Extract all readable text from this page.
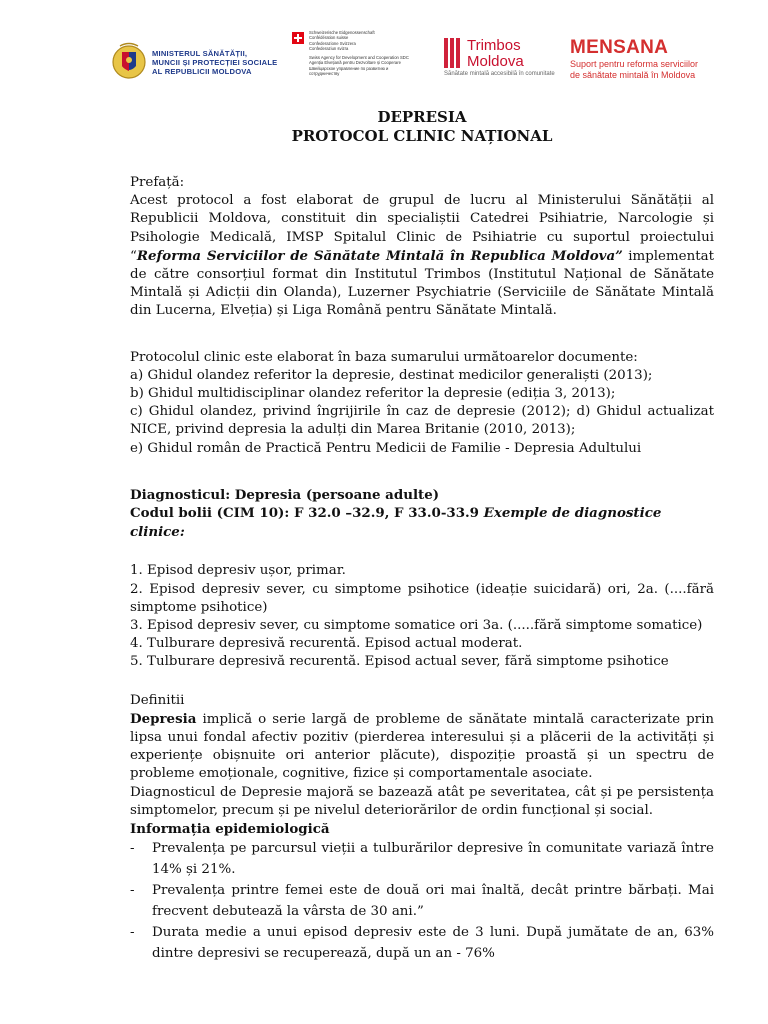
MINISTERUL SĂNĂTĂȚII,
MUNCII ȘI PROTECȚIEI SOCIALE
AL REPUBLICII MOLDOVA
Schweizerische Eidgenossenschaft
Confédération suisse
Confederazione Svizzera
Confederaziun svizra
Swiss Agency for Development and Cooperation SDC
Agenția Elvețiană pentru Dezvoltare și Cooperare
Швейцарское управление по развитию и сотрудничеству
Trimbos
Moldova
Sănătate mintală accesibilă în comunitate
MENSANA
Suport pentru reforma serviciilor
de sănătate mintală în Moldova
DEPRESIA
PROTOCOL CLINIC NAȚIONAL

Prefață:

Acest protocol a fost elaborat de grupul de lucru al Ministerului Sănătății al Republicii Moldova, constituit din specialiștii Catedrei Psihiatrie, Narcologie și Psihologie Medicală, IMSP Spitalul Clinic de Psihiatrie cu suportul proiectului “Reforma Serviciilor de Sănătate Mintală în Republica Moldova” implementat de către consorțiul format din Institutul Trimbos (Institutul Național de Sănătate Mintală și Adicții din Olanda), Luzerner Psychiatrie (Serviciile de Sănătate Mintală din Lucerna, Elveția) și Liga Română pentru Sănătate Mintală.

Protocolul clinic este elaborat în baza sumarului următoarelor documente:

a) Ghidul olandez referitor la depresie, destinat medicilor generaliști (2013);

b) Ghidul multidisciplinar olandez referitor la depresie (ediția 3, 2013);

c) Ghidul olandez, privind îngrijirile în caz de depresie (2012); d) Ghidul actualizat NICE, privind depresia la adulți din Marea Britanie (2010, 2013);

e) Ghidul român de Practică Pentru Medicii de Familie - Depresia Adultului

Diagnosticul: Depresia (persoane adulte)

Codul bolii (CIM 10): F 32.0 –32.9, F 33.0-33.9 Exemple de diagnostice clinice:

1. Episod depresiv ușor, primar.

2. Episod depresiv sever, cu simptome psihotice (ideație suicidară) ori, 2a. (....fără simptome psihotice)

3. Episod depresiv sever, cu simptome somatice ori 3a. (.....fără simptome somatice)

4. Tulburare depresivă recurentă. Episod actual moderat.

5. Tulburare depresivă recurentă. Episod actual sever, fără simptome psihotice

Definitii

Depresia implică o serie largă de probleme de sănătate mintală caracterizate prin lipsa unui fondal afectiv pozitiv (pierderea interesului și a plăcerii de la activități și experiențe obișnuite ori anterior plăcute), dispoziție proastă și un spectru de probleme emoționale, cognitive, fizice și comportamentale asociate.

Diagnosticul de Depresie majoră se bazează atât pe severitatea, cât și pe persistența simptomelor, precum și pe nivelul deteriorărilor de ordin funcțional și social.

Informația epidemiologică

- Prevalența pe parcursul vieții a tulburărilor depresive în comunitate variază între 14% și 21%.
- Prevalența printre femei este de două ori mai înaltă, decât printre bărbați. Mai frecvent debutează la vârsta de 30 ani.”
- Durata medie a unui episod depresiv este de 3 luni. După jumătate de an, 63% dintre depresivi se recuperează, după un an - 76%
